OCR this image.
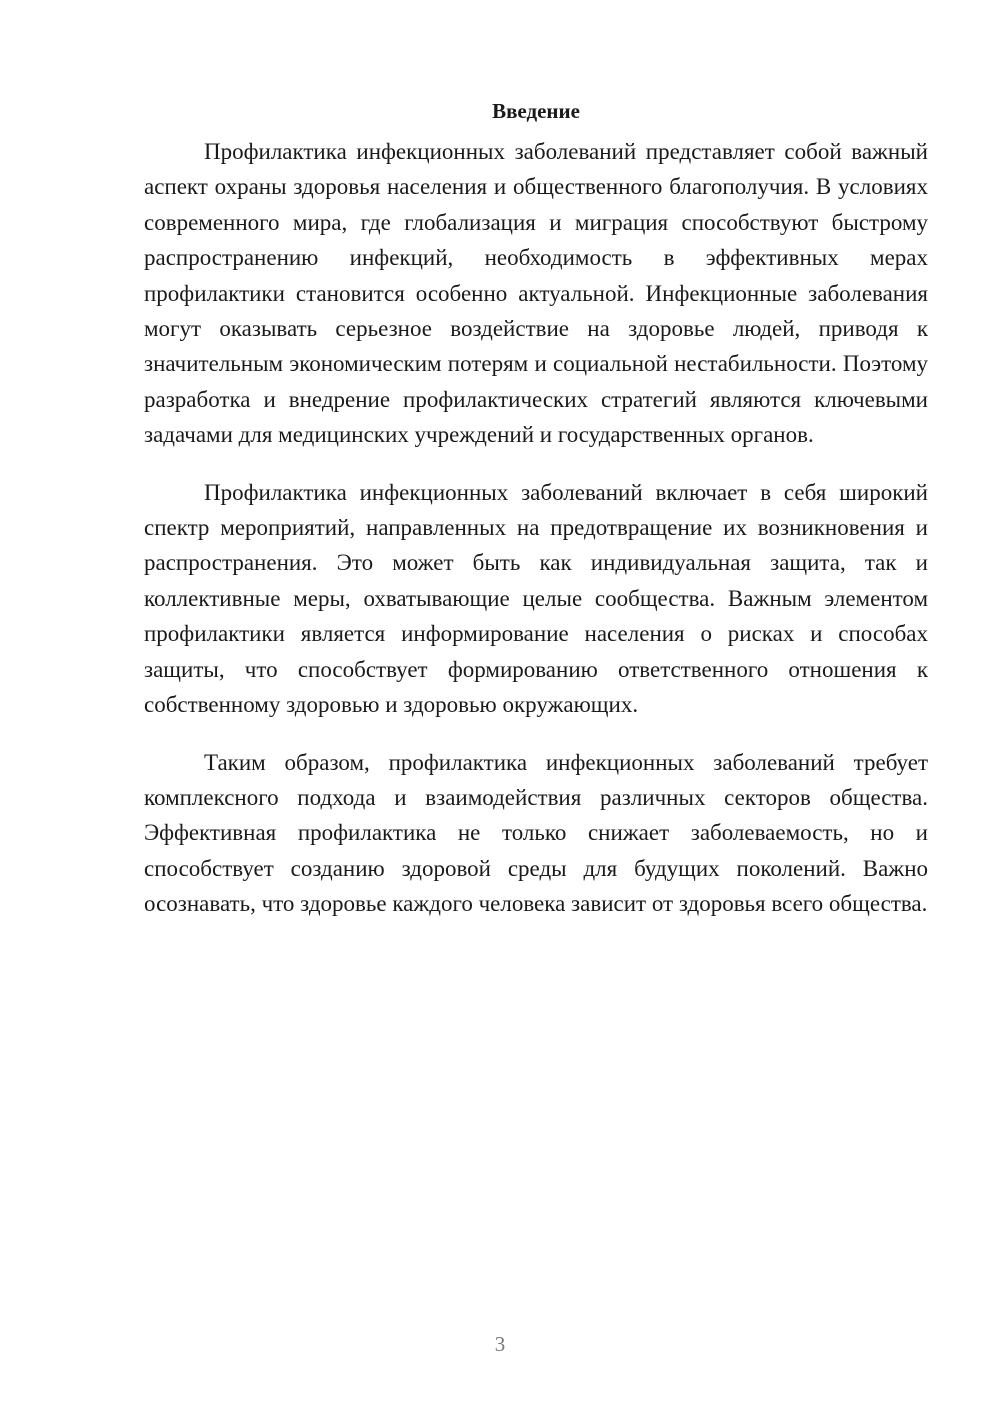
Введение

Профилактика инфекционных заболеваний представляет собой важный аспект охраны здоровья населения и общественного благополучия. В условиях современного мира, где глобализация и миграция способствуют быстрому распространению инфекций, необходимость в эффективных мерах профилактики становится особенно актуальной. Инфекционные заболевания могут оказывать серьезное воздействие на здоровье людей, приводя к значительным экономическим потерям и социальной нестабильности. Поэтому разработка и внедрение профилактических стратегий являются ключевыми задачами для медицинских учреждений и государственных органов.

Профилактика инфекционных заболеваний включает в себя широкий спектр мероприятий, направленных на предотвращение их возникновения и распространения. Это может быть как индивидуальная защита, так и коллективные меры, охватывающие целые сообщества. Важным элементом профилактики является информирование населения о рисках и способах защиты, что способствует формированию ответственного отношения к собственному здоровью и здоровью окружающих.

Таким образом, профилактика инфекционных заболеваний требует комплексного подхода и взаимодействия различных секторов общества. Эффективная профилактика не только снижает заболеваемость, но и способствует созданию здоровой среды для будущих поколений. Важно осознавать, что здоровье каждого человека зависит от здоровья всего общества.

3
